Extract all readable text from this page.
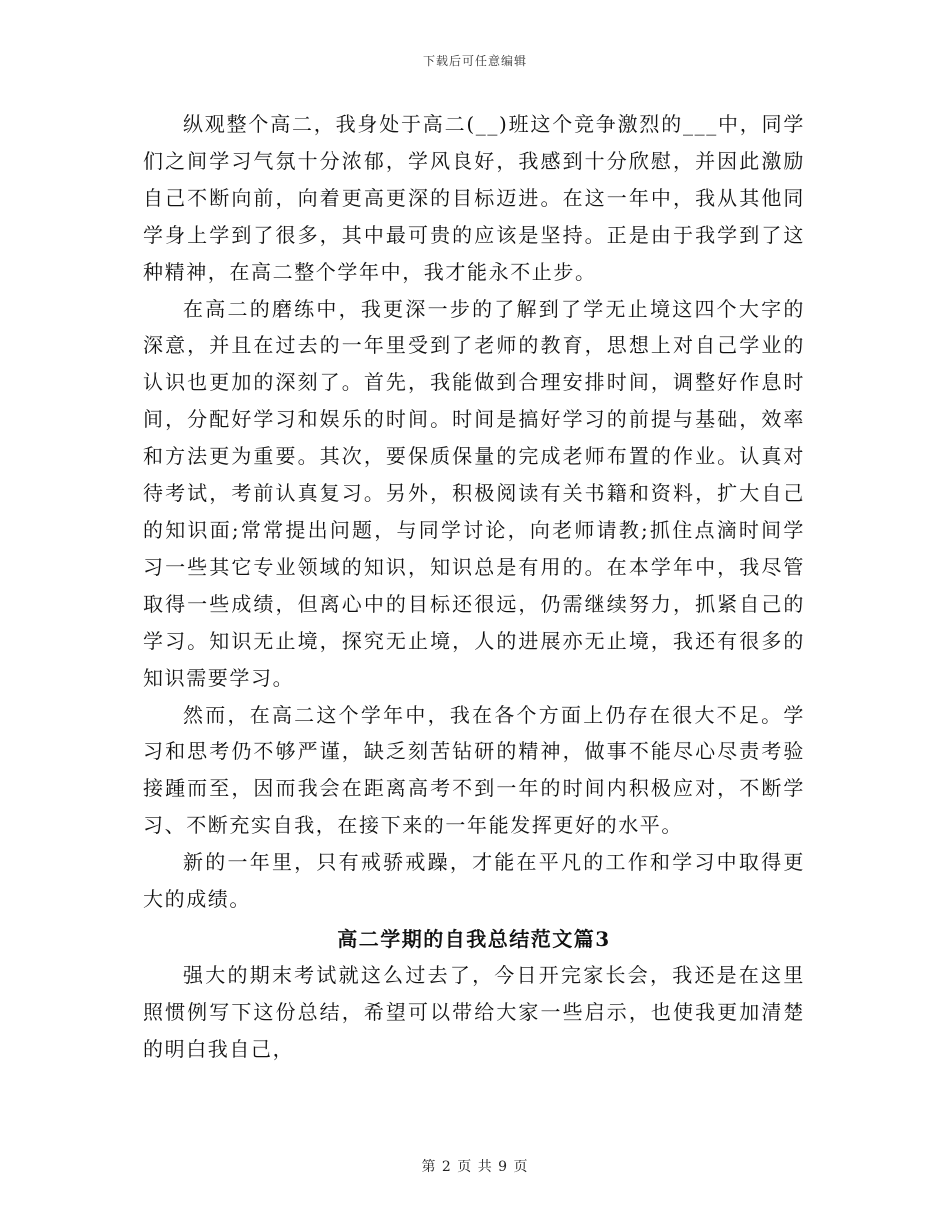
下载后可任意编辑

纵观整个高二，我身处于高二(__)班这个竞争激烈的___中，同学们之间学习气氛十分浓郁，学风良好，我感到十分欣慰，并因此激励自己不断向前，向着更高更深的目标迈进。在这一年中，我从其他同学身上学到了很多，其中最可贵的应该是坚持。正是由于我学到了这种精神，在高二整个学年中，我才能永不止步。

在高二的磨练中，我更深一步的了解到了学无止境这四个大字的深意，并且在过去的一年里受到了老师的教育，思想上对自己学业的认识也更加的深刻了。首先，我能做到合理安排时间，调整好作息时间，分配好学习和娱乐的时间。时间是搞好学习的前提与基础，效率和方法更为重要。其次，要保质保量的完成老师布置的作业。认真对待考试，考前认真复习。另外，积极阅读有关书籍和资料，扩大自己的知识面;常常提出问题，与同学讨论，向老师请教;抓住点滴时间学习一些其它专业领域的知识，知识总是有用的。在本学年中，我尽管取得一些成绩，但离心中的目标还很远，仍需继续努力，抓紧自己的学习。知识无止境，探究无止境，人的进展亦无止境，我还有很多的知识需要学习。

然而，在高二这个学年中，我在各个方面上仍存在很大不足。学习和思考仍不够严谨，缺乏刻苦钻研的精神，做事不能尽心尽责考验接踵而至，因而我会在距离高考不到一年的时间内积极应对，不断学习、不断充实自我，在接下来的一年能发挥更好的水平。

新的一年里，只有戒骄戒躁，才能在平凡的工作和学习中取得更大的成绩。

高二学期的自我总结范文篇3

强大的期末考试就这么过去了，今日开完家长会，我还是在这里照惯例写下这份总结，希望可以带给大家一些启示，也使我更加清楚的明白我自己，

第 2 页 共 9 页
